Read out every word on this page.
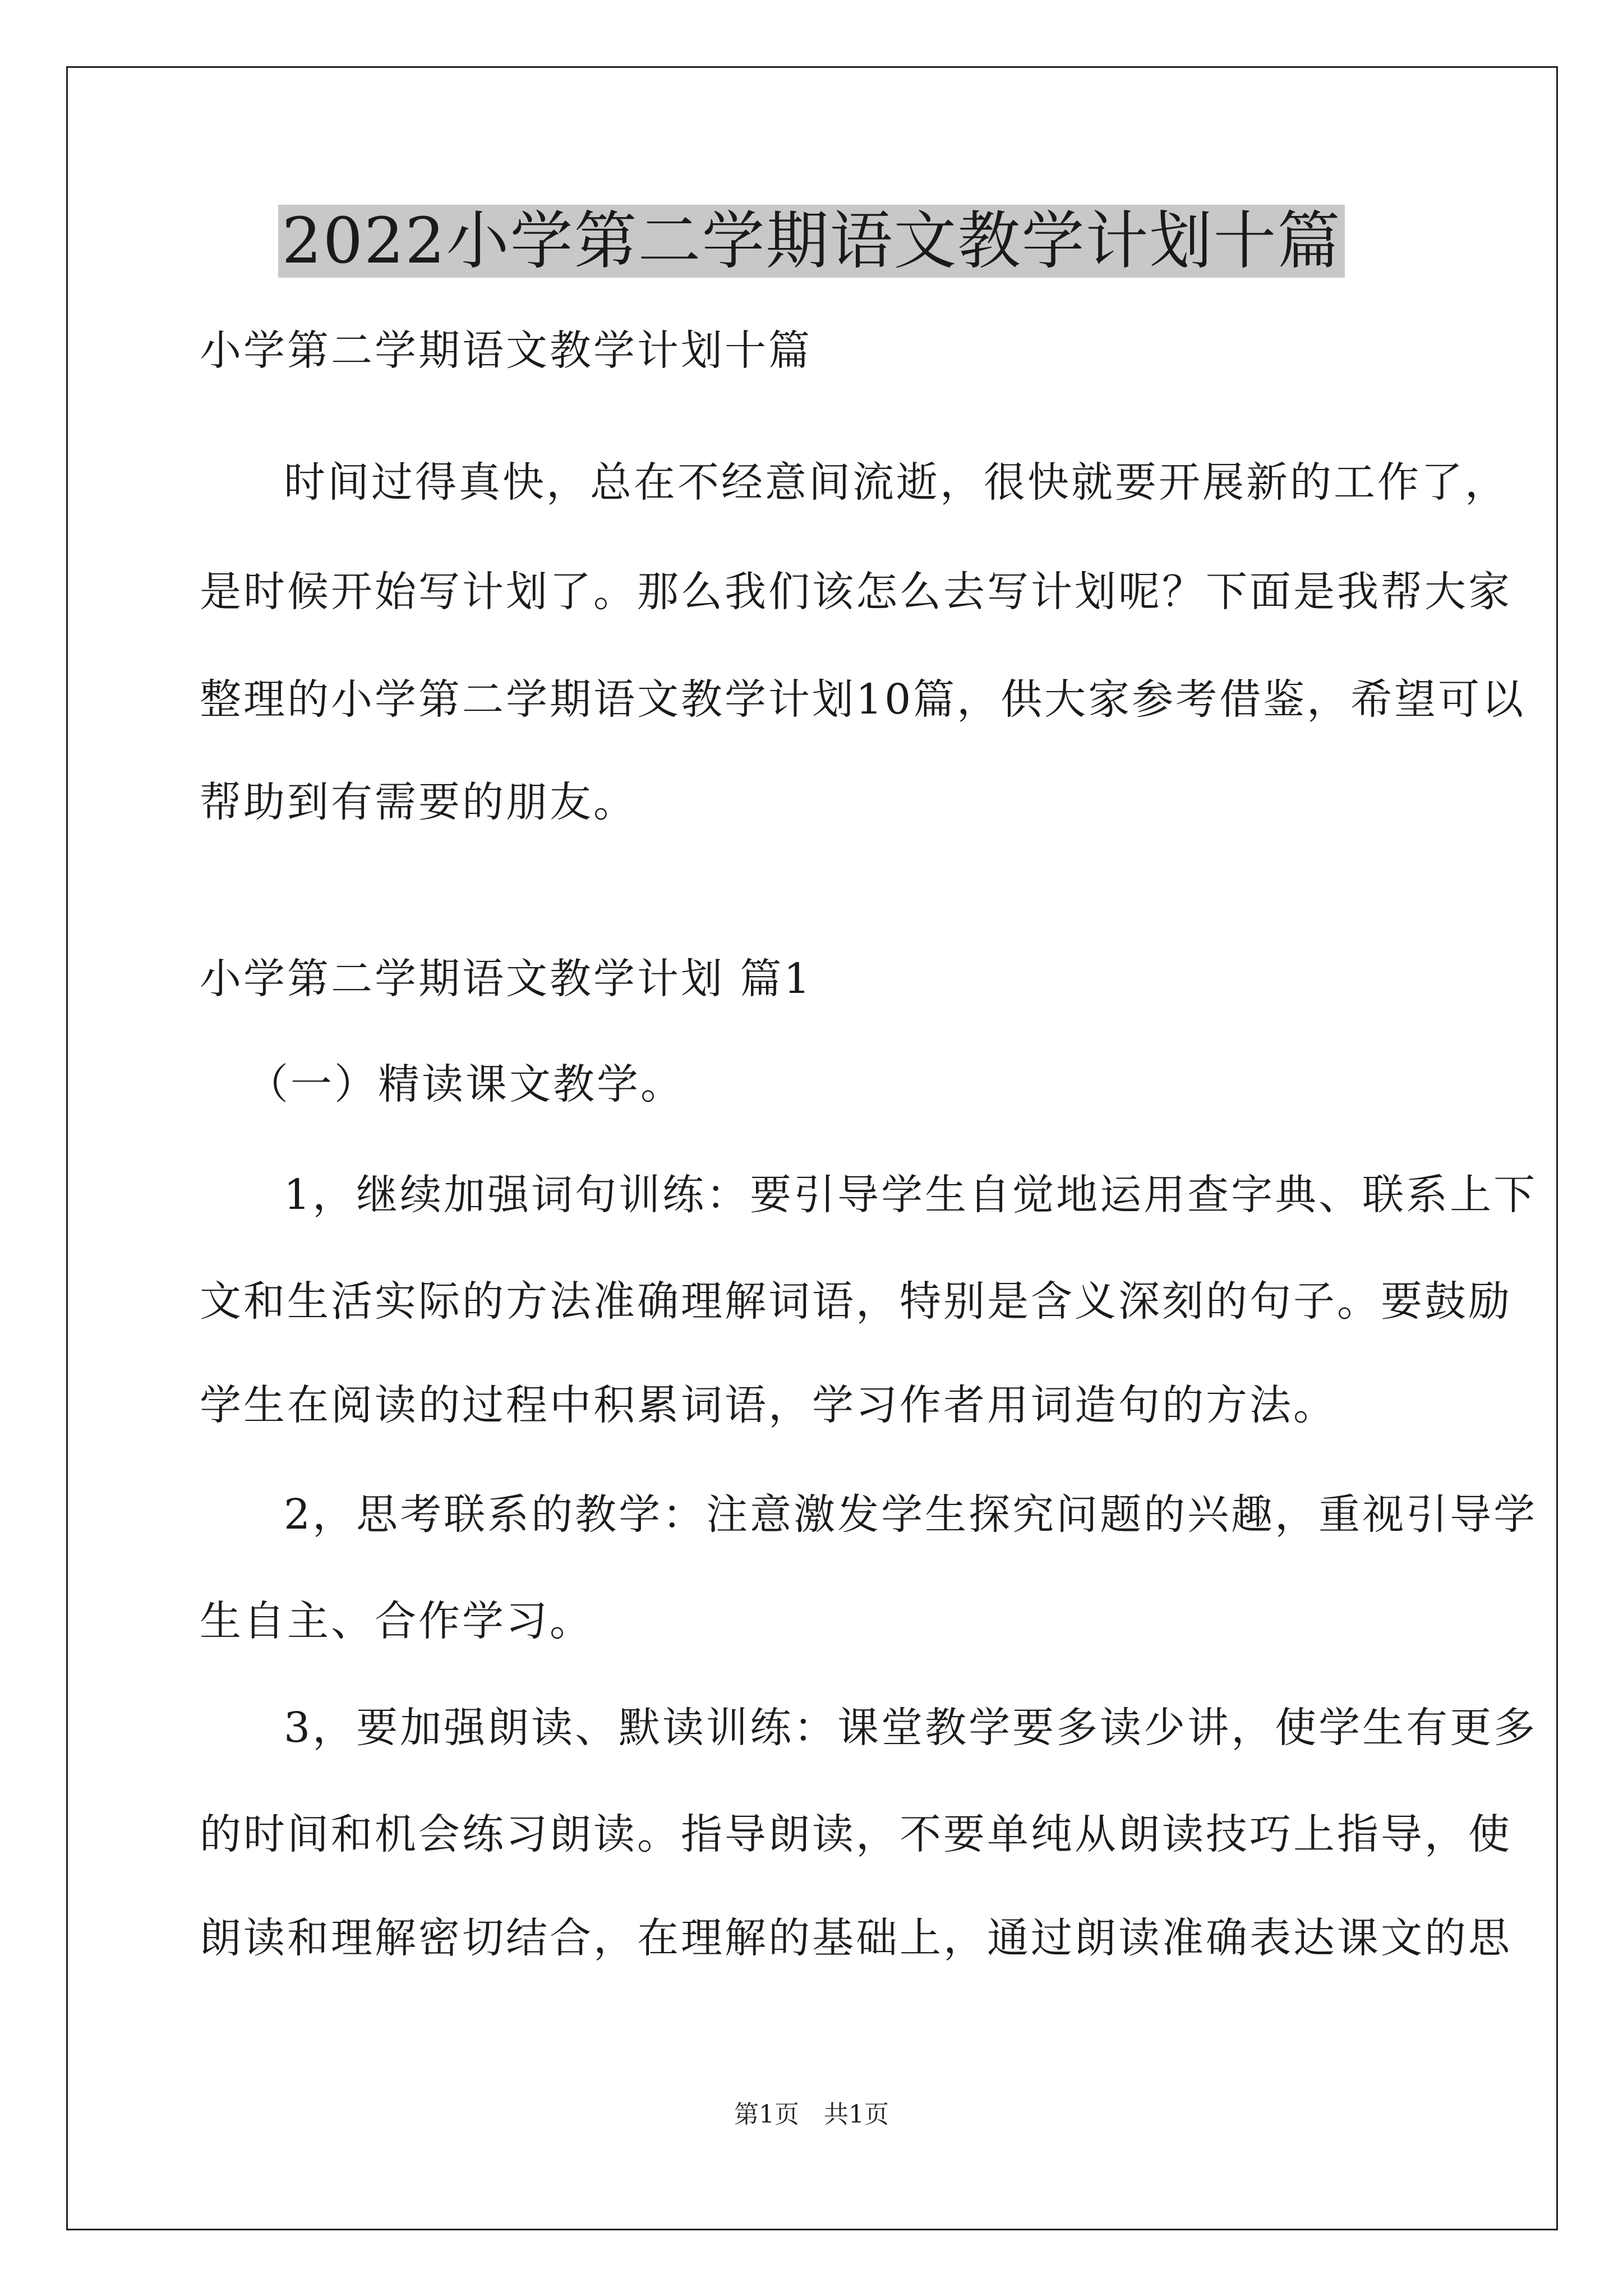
2022小学第二学期语文教学计划十篇
小学第二学期语文教学计划十篇
时间过得真快，总在不经意间流逝，很快就要开展新的工作了，
是时候开始写计划了。那么我们该怎么去写计划呢？下面是我帮大家
整理的小学第二学期语文教学计划10篇，供大家参考借鉴，希望可以
帮助到有需要的朋友。
小学第二学期语文教学计划 篇1
（一）精读课文教学。
1，继续加强词句训练：要引导学生自觉地运用查字典、联系上下
文和生活实际的方法准确理解词语，特别是含义深刻的句子。要鼓励
学生在阅读的过程中积累词语，学习作者用词造句的方法。
2，思考联系的教学：注意激发学生探究问题的兴趣，重视引导学
生自主、合作学习。
3，要加强朗读、默读训练：课堂教学要多读少讲，使学生有更多
的时间和机会练习朗读。指导朗读，不要单纯从朗读技巧上指导，使
朗读和理解密切结合，在理解的基础上，通过朗读准确表达课文的思
第1页 共1页
